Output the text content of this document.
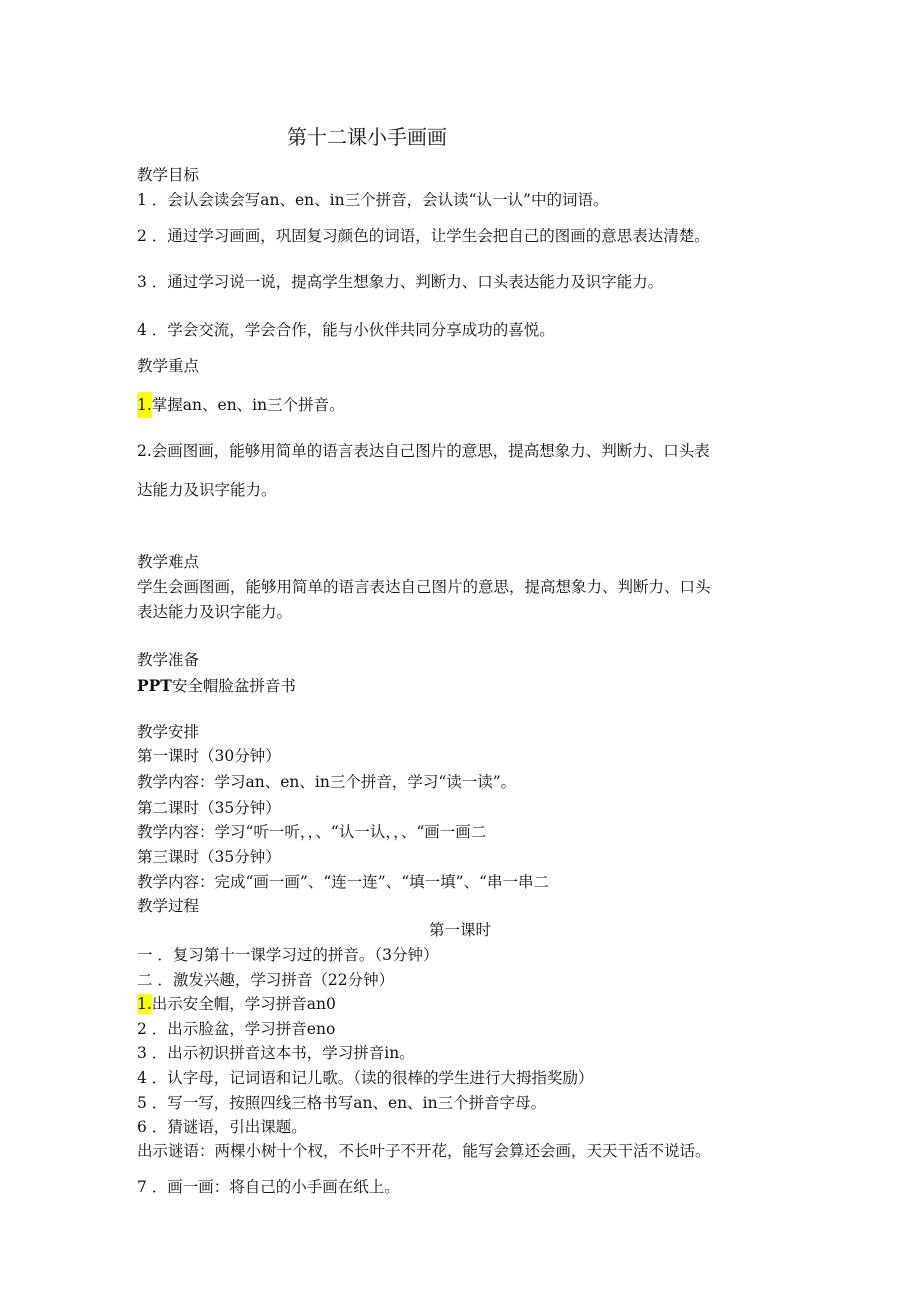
第十二课小手画画
教学目标
1 ．会认会读会写an、en、in三个拼音，会认读“认一认”中的词语。
2 ．通过学习画画，巩固复习颜色的词语，让学生会把自己的图画的意思表达清楚。
3 ．通过学习说一说，提高学生想象力、判断力、口头表达能力及识字能力。
4 ．学会交流，学会合作，能与小伙伴共同分享成功的喜悦。
教学重点
1.掌握an、en、in三个拼音。
2.会画图画，能够用简单的语言表达自己图片的意思，提高想象力、判断力、口头表
达能力及识字能力。
教学难点
学生会画图画，能够用简单的语言表达自己图片的意思，提高想象力、判断力、口头
表达能力及识字能力。
教学准备
PPT安全帽脸盆拼音书
教学安排
第一课时（30分钟）
教学内容：学习an、en、in三个拼音，学习“读一读”。
第二课时（35分钟）
教学内容：学习“听一听，，、“认一认，，、“画一画二
第三课时（35分钟）
教学内容：完成“画一画”、“连一连”、“填一填”、“串一串二
教学过程
第一课时
一 ．复习第十一课学习过的拼音。（3分钟）
二 ．激发兴趣，学习拼音（22分钟）
1.出示安全帽，学习拼音an0
2 ．出示脸盆，学习拼音eno
3 ．出示初识拼音这本书，学习拼音in。
4 ．认字母，记词语和记儿歌。（读的很棒的学生进行大拇指奖励）
5 ．写一写，按照四线三格书写an、en、in三个拼音字母。
6 ．猜谜语，引出课题。
出示谜语：两棵小树十个杈，不长叶子不开花，能写会算还会画，天天干活不说话。
7 ．画一画：将自己的小手画在纸上。
